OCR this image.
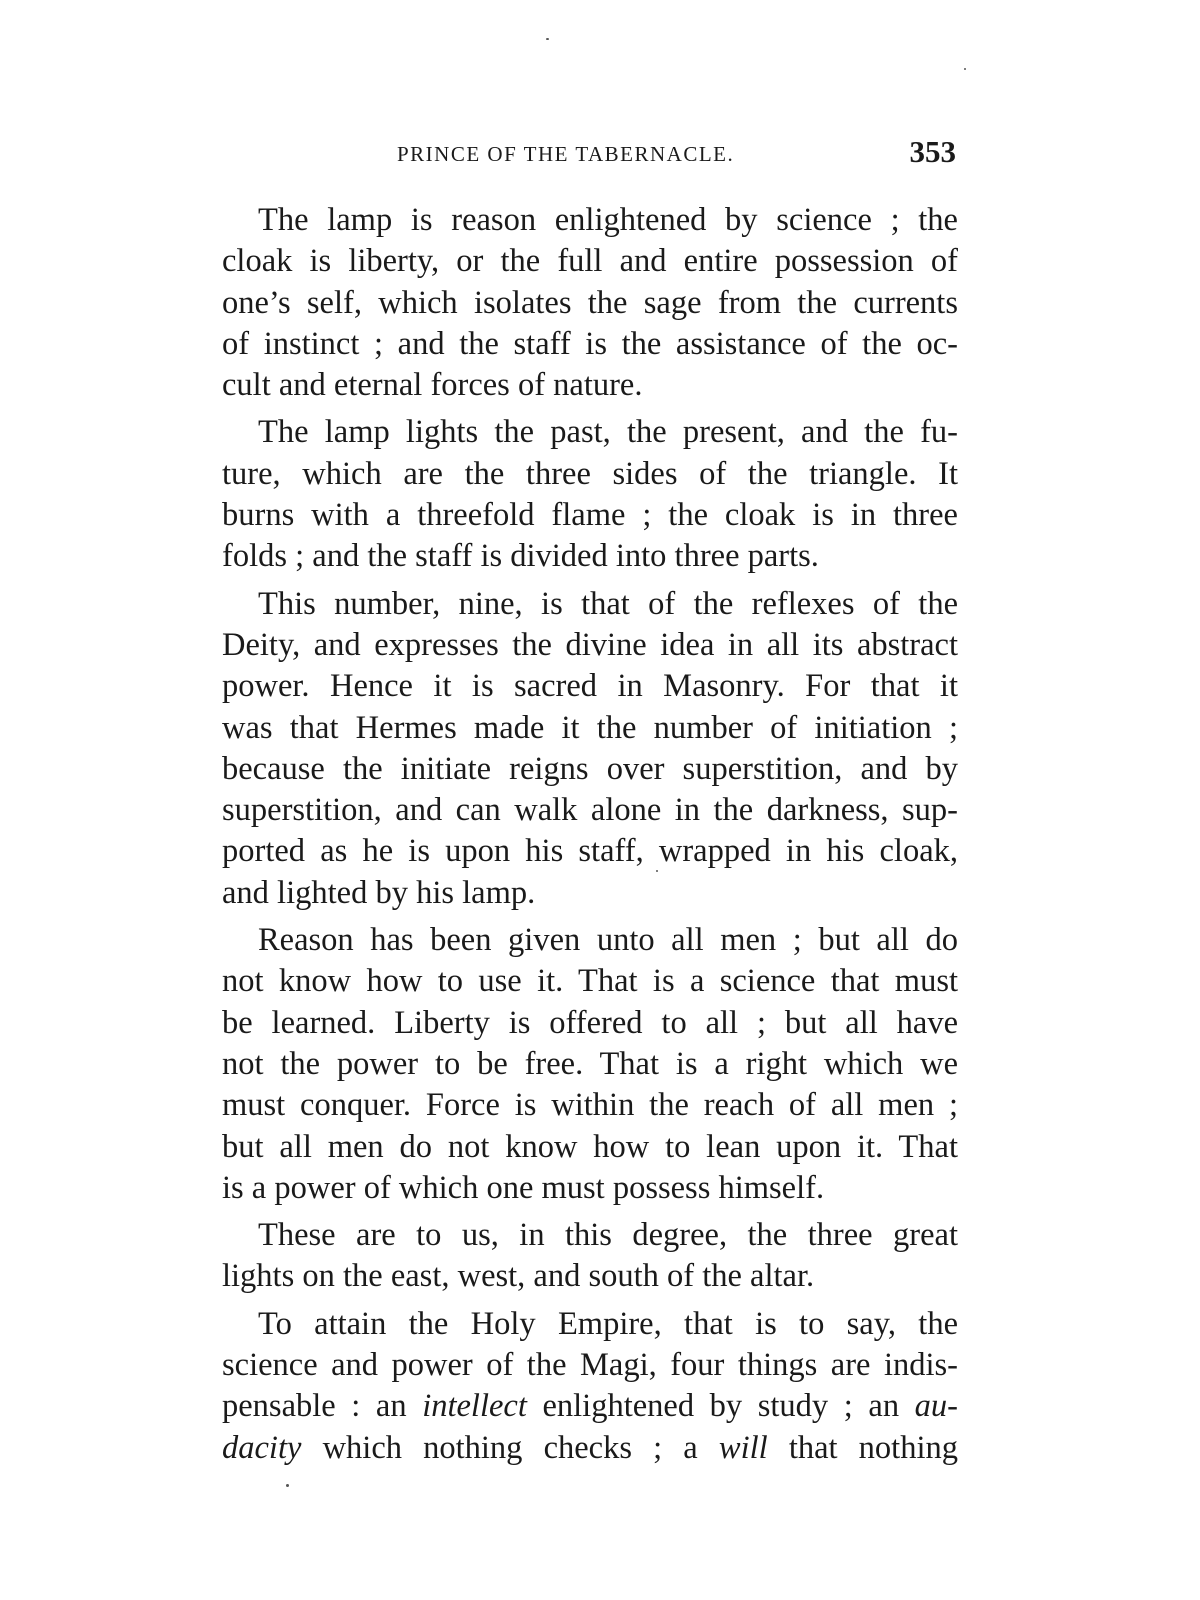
PRINCE OF THE TABERNACLE.	353

The lamp is reason enlightened by science ; the
cloak is liberty, or the full and entire possession of
one’s self, which isolates the sage from the currents
of instinct ; and the staff is the assistance of the oc-
cult and eternal forces of nature.

The lamp lights the past, the present, and the fu-
ture, which are the three sides of the triangle. It
burns with a threefold flame ; the cloak is in three
folds ; and the staff is divided into three parts.

This number, nine, is that of the reflexes of the
Deity, and expresses the divine idea in all its abstract
power. Hence it is sacred in Masonry. For that it
was that Hermes made it the number of initiation ;
because the initiate reigns over superstition, and by
superstition, and can walk alone in the darkness, sup-
ported as he is upon his staff, wrapped in his cloak,
and lighted by his lamp.

Reason has been given unto all men ; but all do
not know how to use it. That is a science that must
be learned. Liberty is offered to all ; but all have
not the power to be free. That is a right which we
must conquer. Force is within the reach of all men ;
but all men do not know how to lean upon it. That
is a power of which one must possess himself.

These are to us, in this degree, the three great
lights on the east, west, and south of the altar.

To attain the Holy Empire, that is to say, the
science and power of the Magi, four things are indis-
pensable : an intellect enlightened by study ; an au-
dacity which nothing checks ; a will that nothing
